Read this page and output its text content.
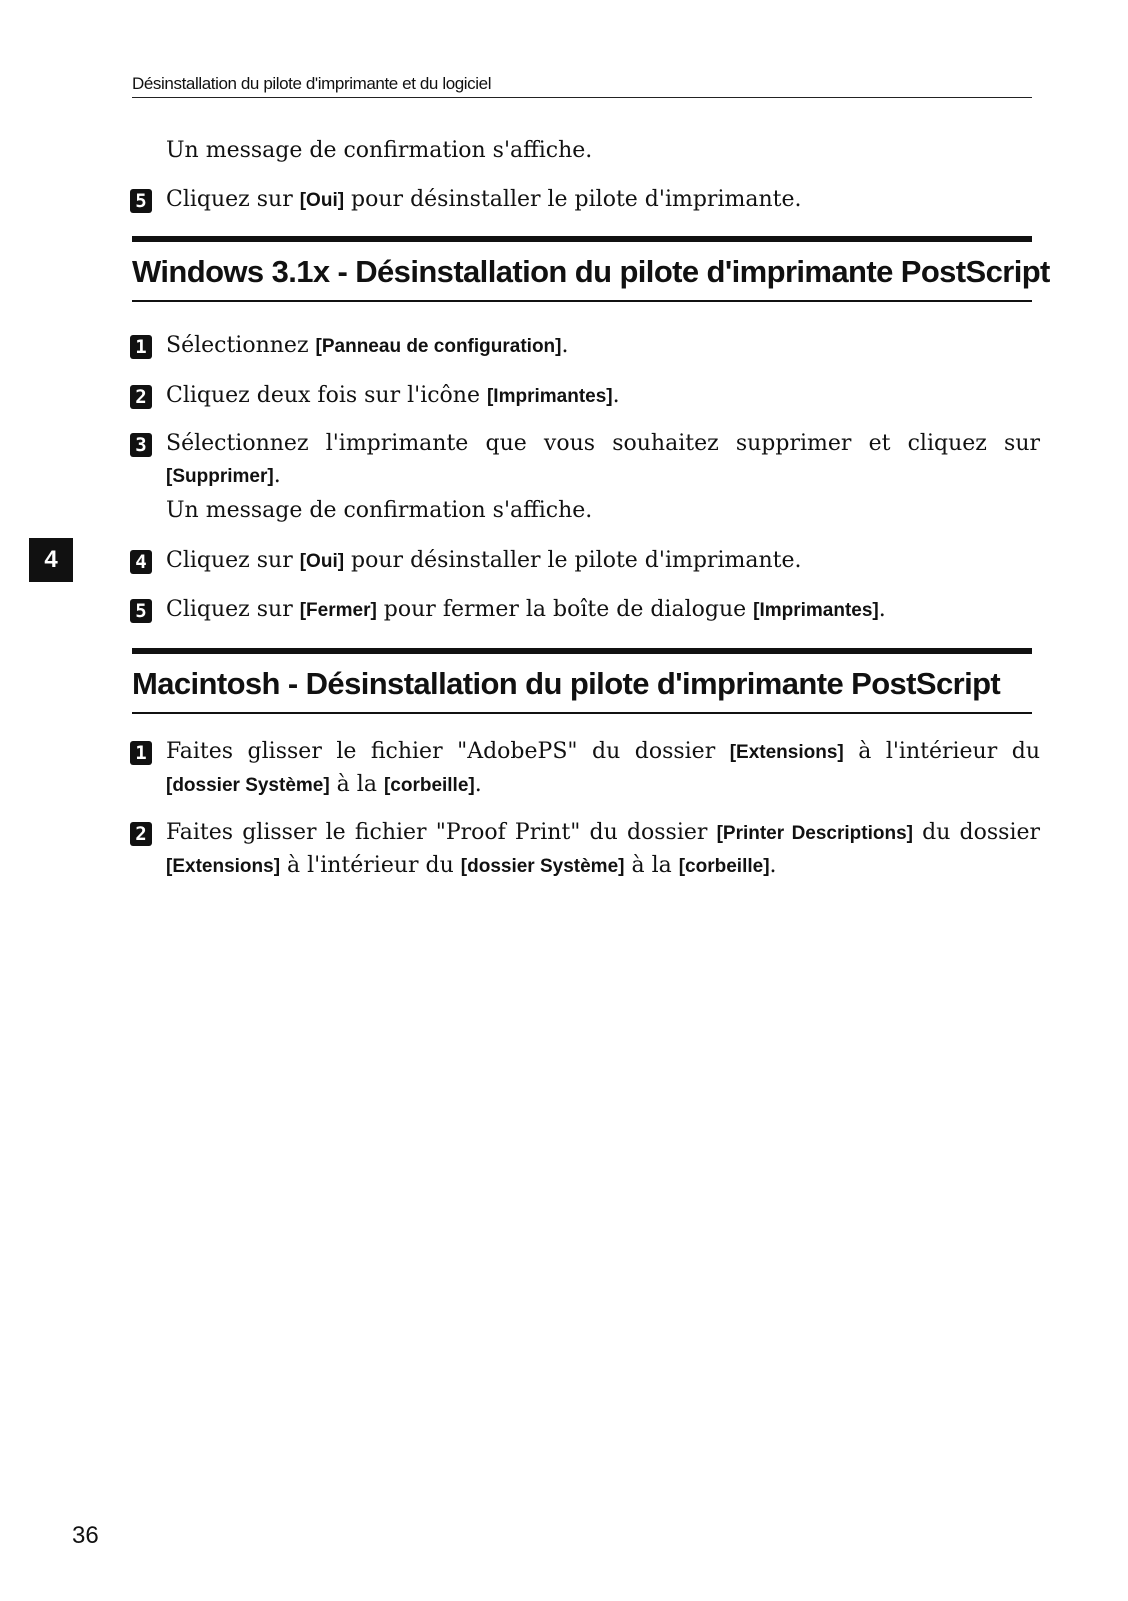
Désinstallation du pilote d'imprimante et du logiciel
Un message de confirmation s'affiche.
5 Cliquez sur [Oui] pour désinstaller le pilote d'imprimante.
Windows 3.1x - Désinstallation du pilote d'imprimante PostScript
1 Sélectionnez [Panneau de configuration].
2 Cliquez deux fois sur l'icône [Imprimantes].
3 Sélectionnez l'imprimante que vous souhaitez supprimer et cliquez sur [Supprimer].
Un message de confirmation s'affiche.
4 Cliquez sur [Oui] pour désinstaller le pilote d'imprimante.
5 Cliquez sur [Fermer] pour fermer la boîte de dialogue [Imprimantes].
Macintosh - Désinstallation du pilote d'imprimante PostScript
1 Faites glisser le fichier "AdobePS" du dossier [Extensions] à l'intérieur du [dossier Système] à la [corbeille].
2 Faites glisser le fichier "Proof Print" du dossier [Printer Descriptions] du dossier [Extensions] à l'intérieur du [dossier Système] à la [corbeille].
4
36
